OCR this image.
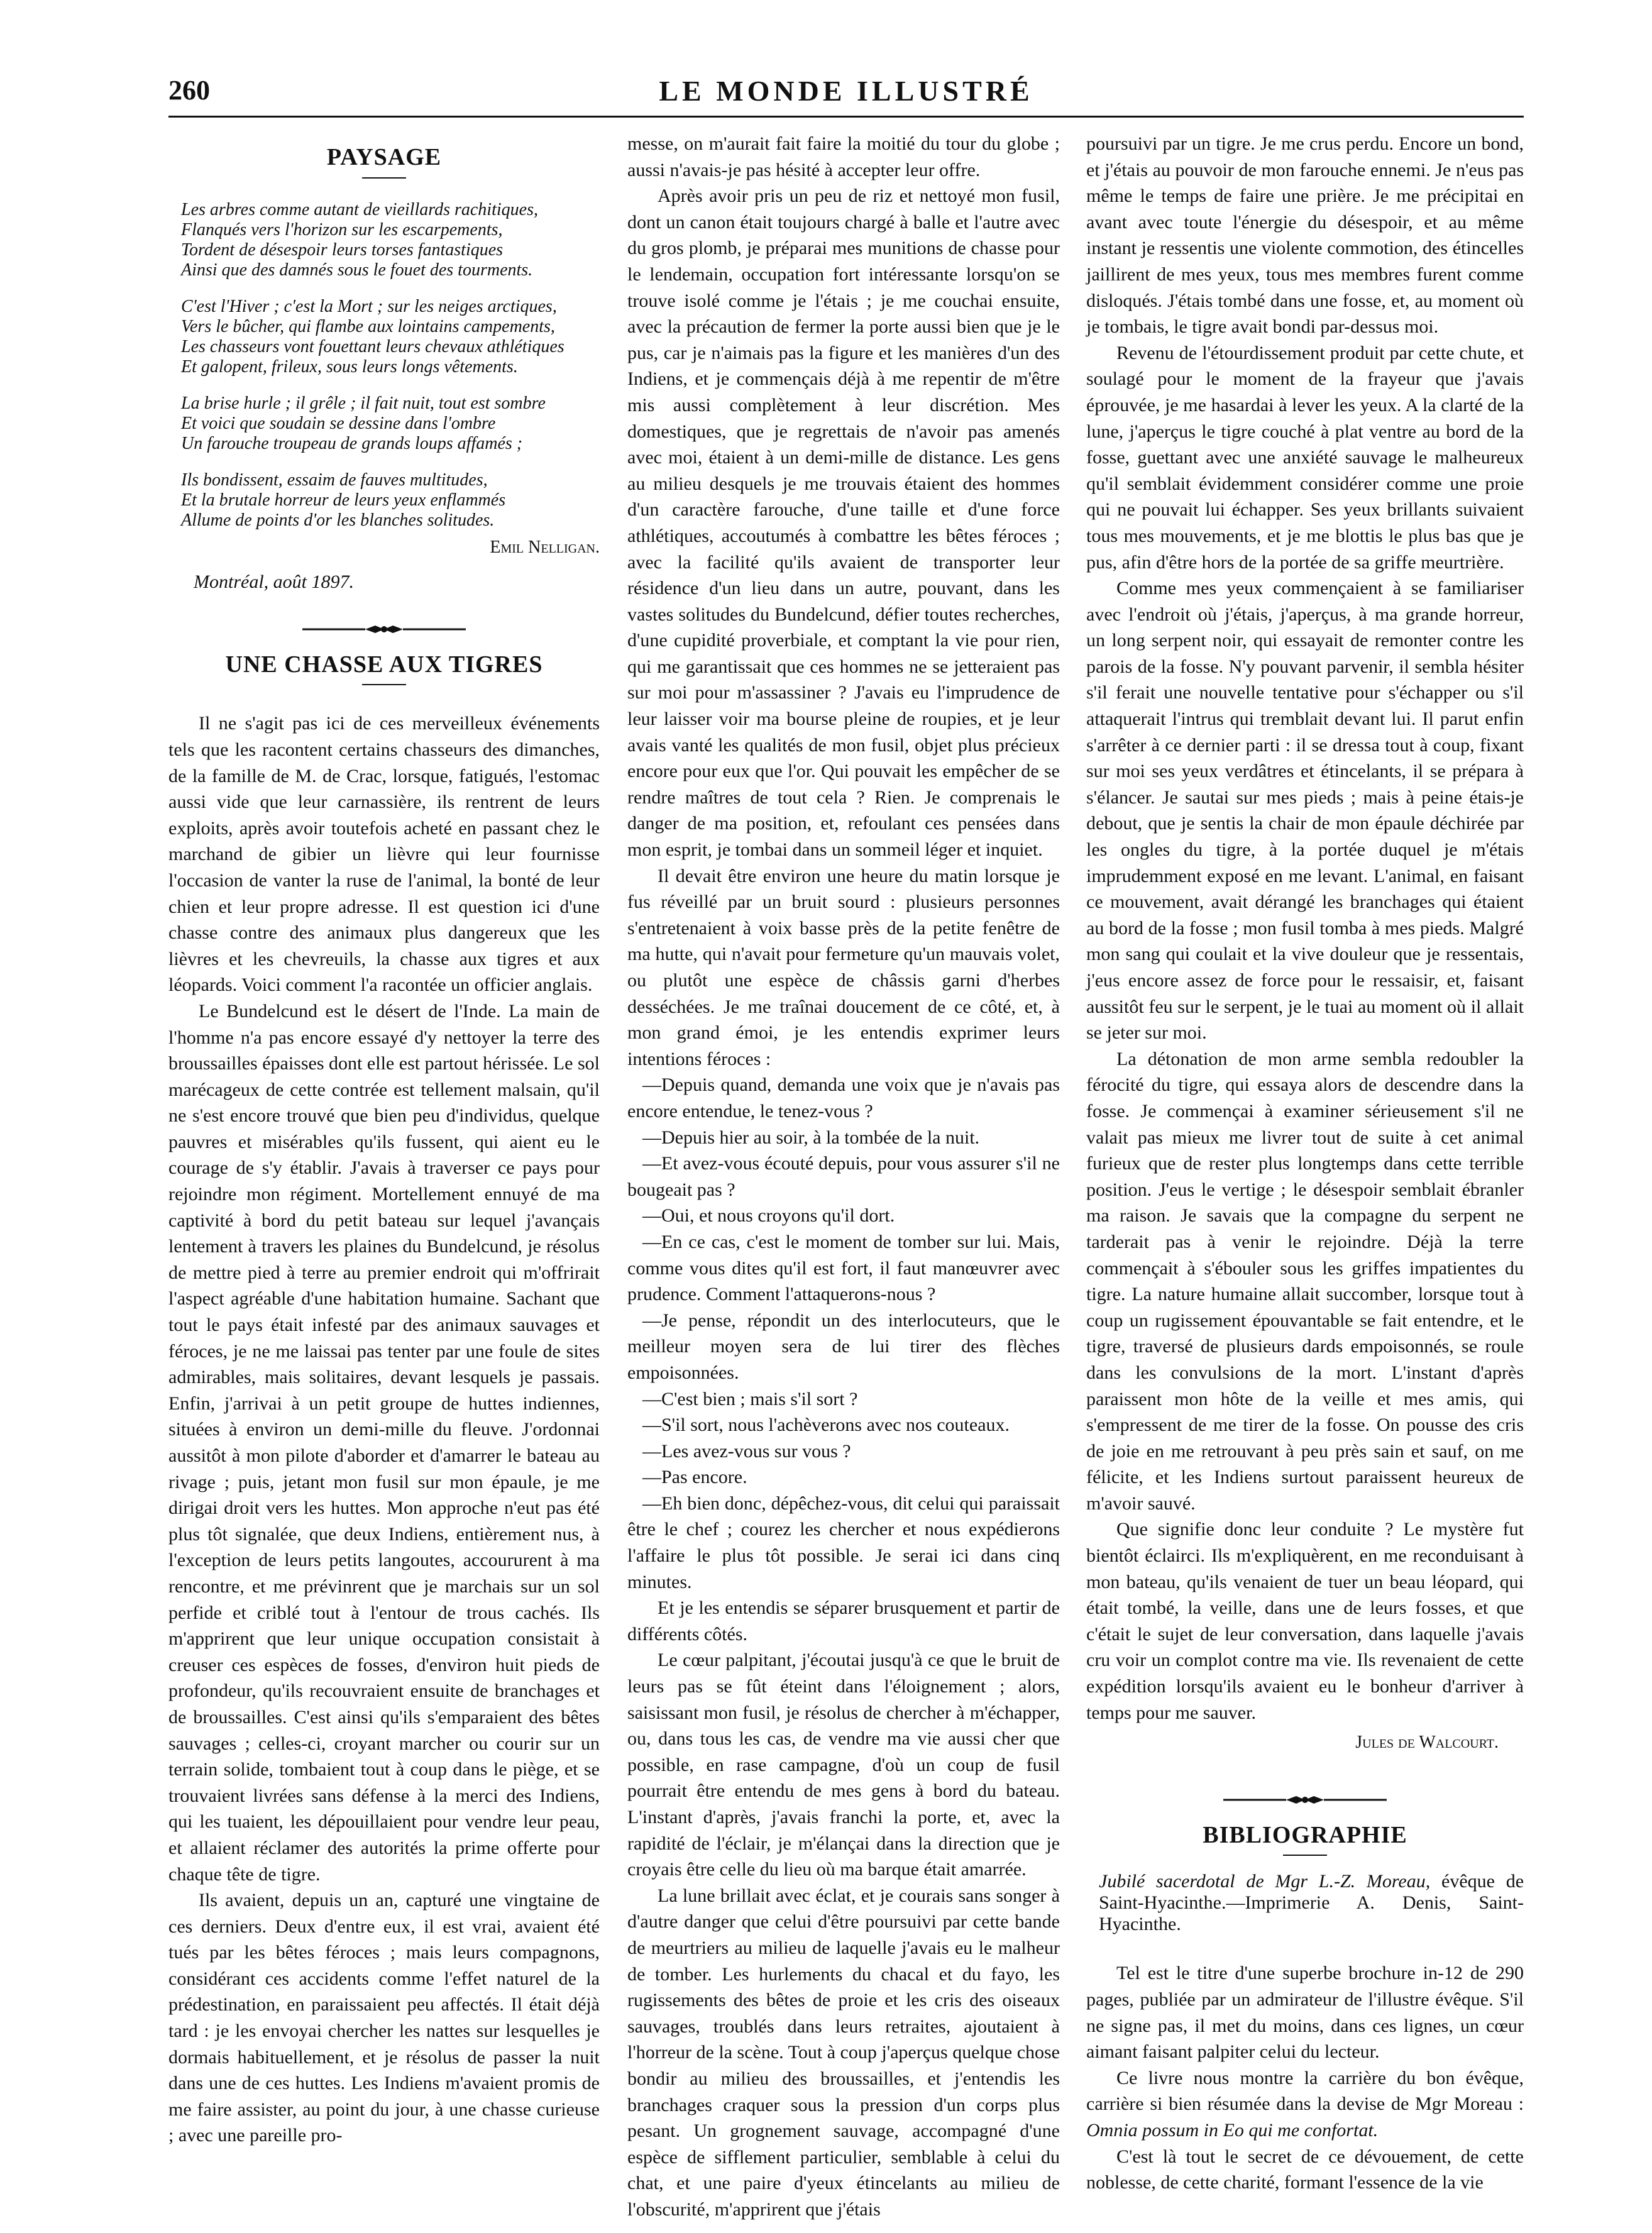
260	LE MONDE ILLUSTRÉ
PAYSAGE
Les arbres comme autant de vieillards rachitiques,
Flanqués vers l'horizon sur les escarpements,
Tordent de désespoir leurs torses fantastiques
Ainsi que des damnés sous le fouet des tourments.
C'est l'Hiver ; c'est la Mort ; sur les neiges arctiques,
Vers le bûcher, qui flambe aux lointains campements,
Les chasseurs vont fouettant leurs chevaux athlétiques
Et galopent, frileux, sous leurs longs vêtements.
La brise hurle ; il grêle ; il fait nuit, tout est sombre
Et voici que soudain se dessine dans l'ombre
Un farouche troupeau de grands loups affamés ;
Ils bondissent, essaim de fauves multitudes,
Et la brutale horreur de leurs yeux enflammés
Allume de points d'or les blanches solitudes.
Emil Nelligan.
Montréal, août 1897.
UNE CHASSE AUX TIGRES

Il ne s'agit pas ici de ces merveilleux événements tels que les racontent certains chasseurs des dimanches, de la famille de M. de Crac, lorsque, fatigués, l'estomac aussi vide que leur carnassière, ils rentrent de leurs exploits, après avoir toutefois acheté en passant chez le marchand de gibier un lièvre qui leur fournisse l'occasion de vanter la ruse de l'animal, la bonté de leur chien et leur propre adresse. Il est question ici d'une chasse contre des animaux plus dangereux que les lièvres et les chevreuils, la chasse aux tigres et aux léopards. Voici comment l'a racontée un officier anglais.

Le Bundelcund est le désert de l'Inde. La main de l'homme n'a pas encore essayé d'y nettoyer la terre des broussailles épaisses dont elle est partout hérissée. Le sol marécageux de cette contrée est tellement malsain, qu'il ne s'est encore trouvé que bien peu d'individus, quelque pauvres et misérables qu'ils fussent, qui aient eu le courage de s'y établir. J'avais à traverser ce pays pour rejoindre mon régiment. Mortellement ennuyé de ma captivité à bord du petit bateau sur lequel j'avançais lentement à travers les plaines du Bundelcund, je résolus de mettre pied à terre au premier endroit qui m'offrirait l'aspect agréable d'une habitation humaine. Sachant que tout le pays était infesté par des animaux sauvages et féroces, je ne me laissai pas tenter par une foule de sites admirables, mais solitaires, devant lesquels je passais. Enfin, j'arrivai à un petit groupe de huttes indiennes, situées à environ un demi-mille du fleuve. J'ordonnai aussitôt à mon pilote d'aborder et d'amarrer le bateau au rivage ; puis, jetant mon fusil sur mon épaule, je me dirigai droit vers les huttes. Mon approche n'eut pas été plus tôt signalée, que deux Indiens, entièrement nus, à l'exception de leurs petits langoutes, accoururent à ma rencontre, et me prévinrent que je marchais sur un sol perfide et criblé tout à l'entour de trous cachés. Ils m'apprirent que leur unique occupation consistait à creuser ces espèces de fosses, d'environ huit pieds de profondeur, qu'ils recouvraient ensuite de branchages et de broussailles. C'est ainsi qu'ils s'emparaient des bêtes sauvages ; celles-ci, croyant marcher ou courir sur un terrain solide, tombaient tout à coup dans le piège, et se trouvaient livrées sans défense à la merci des Indiens, qui les tuaient, les dépouillaient pour vendre leur peau, et allaient réclamer des autorités la prime offerte pour chaque tête de tigre.

Ils avaient, depuis un an, capturé une vingtaine de ces derniers. Deux d'entre eux, il est vrai, avaient été tués par les bêtes féroces ; mais leurs compagnons, considérant ces accidents comme l'effet naturel de la prédestination, en paraissaient peu affectés. Il était déjà tard : je les envoyai chercher les nattes sur lesquelles je dormais habituellement, et je résolus de passer la nuit dans une de ces huttes. Les Indiens m'avaient promis de me faire assister, au point du jour, à une chasse curieuse ; avec une pareille pro-

messe, on m'aurait fait faire la moitié du tour du globe ; aussi n'avais-je pas hésité à accepter leur offre.

Après avoir pris un peu de riz et nettoyé mon fusil, dont un canon était toujours chargé à balle et l'autre avec du gros plomb, je préparai mes munitions de chasse pour le lendemain, occupation fort intéressante lorsqu'on se trouve isolé comme je l'étais ; je me couchai ensuite, avec la précaution de fermer la porte aussi bien que je le pus, car je n'aimais pas la figure et les manières d'un des Indiens, et je commençais déjà à me repentir de m'être mis aussi complètement à leur discrétion. Mes domestiques, que je regrettais de n'avoir pas amenés avec moi, étaient à un demi-mille de distance. Les gens au milieu desquels je me trouvais étaient des hommes d'un caractère farouche, d'une taille et d'une force athlétiques, accoutumés à combattre les bêtes féroces ; avec la facilité qu'ils avaient de transporter leur résidence d'un lieu dans un autre, pouvant, dans les vastes solitudes du Bundelcund, défier toutes recherches, d'une cupidité proverbiale, et comptant la vie pour rien, qui me garantissait que ces hommes ne se jetteraient pas sur moi pour m'assassiner ? J'avais eu l'imprudence de leur laisser voir ma bourse pleine de roupies, et je leur avais vanté les qualités de mon fusil, objet plus précieux encore pour eux que l'or. Qui pouvait les empêcher de se rendre maîtres de tout cela ? Rien. Je comprenais le danger de ma position, et, refoulant ces pensées dans mon esprit, je tombai dans un sommeil léger et inquiet.

Il devait être environ une heure du matin lorsque je fus réveillé par un bruit sourd : plusieurs personnes s'entretenaient à voix basse près de la petite fenêtre de ma hutte, qui n'avait pour fermeture qu'un mauvais volet, ou plutôt une espèce de châssis garni d'herbes desséchées. Je me traînai doucement de ce côté, et, à mon grand émoi, je les entendis exprimer leurs intentions féroces :

—Depuis quand, demanda une voix que je n'avais pas encore entendue, le tenez-vous ?

—Depuis hier au soir, à la tombée de la nuit.

—Et avez-vous écouté depuis, pour vous assurer s'il ne bougeait pas ?

—Oui, et nous croyons qu'il dort.

—En ce cas, c'est le moment de tomber sur lui. Mais, comme vous dites qu'il est fort, il faut manœuvrer avec prudence. Comment l'attaquerons-nous ?

—Je pense, répondit un des interlocuteurs, que le meilleur moyen sera de lui tirer des flèches empoisonnées.

—C'est bien ; mais s'il sort ?

—S'il sort, nous l'achèverons avec nos couteaux.

—Les avez-vous sur vous ?

—Pas encore.

—Eh bien donc, dépêchez-vous, dit celui qui paraissait être le chef ; courez les chercher et nous expédierons l'affaire le plus tôt possible. Je serai ici dans cinq minutes.

Et je les entendis se séparer brusquement et partir de différents côtés.

Le cœur palpitant, j'écoutai jusqu'à ce que le bruit de leurs pas se fût éteint dans l'éloignement ; alors, saisissant mon fusil, je résolus de chercher à m'échapper, ou, dans tous les cas, de vendre ma vie aussi cher que possible, en rase campagne, d'où un coup de fusil pourrait être entendu de mes gens à bord du bateau. L'instant d'après, j'avais franchi la porte, et, avec la rapidité de l'éclair, je m'élançai dans la direction que je croyais être celle du lieu où ma barque était amarrée.

La lune brillait avec éclat, et je courais sans songer à d'autre danger que celui d'être poursuivi par cette bande de meurtriers au milieu de laquelle j'avais eu le malheur de tomber. Les hurlements du chacal et du fayo, les rugissements des bêtes de proie et les cris des oiseaux sauvages, troublés dans leurs retraites, ajoutaient à l'horreur de la scène. Tout à coup j'aperçus quelque chose bondir au milieu des broussailles, et j'entendis les branchages craquer sous la pression d'un corps plus pesant. Un grognement sauvage, accompagné d'une espèce de sifflement particulier, semblable à celui du chat, et une paire d'yeux étincelants au milieu de l'obscurité, m'apprirent que j'étais

poursuivi par un tigre. Je me crus perdu. Encore un bond, et j'étais au pouvoir de mon farouche ennemi. Je n'eus pas même le temps de faire une prière. Je me précipitai en avant avec toute l'énergie du désespoir, et au même instant je ressentis une violente commotion, des étincelles jaillirent de mes yeux, tous mes membres furent comme disloqués. J'étais tombé dans une fosse, et, au moment où je tombais, le tigre avait bondi par-dessus moi.

Revenu de l'étourdissement produit par cette chute, et soulagé pour le moment de la frayeur que j'avais éprouvée, je me hasardai à lever les yeux. A la clarté de la lune, j'aperçus le tigre couché à plat ventre au bord de la fosse, guettant avec une anxiété sauvage le malheureux qu'il semblait évidemment considérer comme une proie qui ne pouvait lui échapper. Ses yeux brillants suivaient tous mes mouvements, et je me blottis le plus bas que je pus, afin d'être hors de la portée de sa griffe meurtrière.

Comme mes yeux commençaient à se familiariser avec l'endroit où j'étais, j'aperçus, à ma grande horreur, un long serpent noir, qui essayait de remonter contre les parois de la fosse. N'y pouvant parvenir, il sembla hésiter s'il ferait une nouvelle tentative pour s'échapper ou s'il attaquerait l'intrus qui tremblait devant lui. Il parut enfin s'arrêter à ce dernier parti : il se dressa tout à coup, fixant sur moi ses yeux verdâtres et étincelants, il se prépara à s'élancer. Je sautai sur mes pieds ; mais à peine étais-je debout, que je sentis la chair de mon épaule déchirée par les ongles du tigre, à la portée duquel je m'étais imprudemment exposé en me levant. L'animal, en faisant ce mouvement, avait dérangé les branchages qui étaient au bord de la fosse ; mon fusil tomba à mes pieds. Malgré mon sang qui coulait et la vive douleur que je ressentais, j'eus encore assez de force pour le ressaisir, et, faisant aussitôt feu sur le serpent, je le tuai au moment où il allait se jeter sur moi.

La détonation de mon arme sembla redoubler la férocité du tigre, qui essaya alors de descendre dans la fosse. Je commençai à examiner sérieusement s'il ne valait pas mieux me livrer tout de suite à cet animal furieux que de rester plus longtemps dans cette terrible position. J'eus le vertige ; le désespoir semblait ébranler ma raison. Je savais que la compagne du serpent ne tarderait pas à venir le rejoindre. Déjà la terre commençait à s'ébouler sous les griffes impatientes du tigre. La nature humaine allait succomber, lorsque tout à coup un rugissement épouvantable se fait entendre, et le tigre, traversé de plusieurs dards empoisonnés, se roule dans les convulsions de la mort. L'instant d'après paraissent mon hôte de la veille et mes amis, qui s'empressent de me tirer de la fosse. On pousse des cris de joie en me retrouvant à peu près sain et sauf, on me félicite, et les Indiens surtout paraissent heureux de m'avoir sauvé.

Que signifie donc leur conduite ? Le mystère fut bientôt éclairci. Ils m'expliquèrent, en me reconduisant à mon bateau, qu'ils venaient de tuer un beau léopard, qui était tombé, la veille, dans une de leurs fosses, et que c'était le sujet de leur conversation, dans laquelle j'avais cru voir un complot contre ma vie. Ils revenaient de cette expédition lorsqu'ils avaient eu le bonheur d'arriver à temps pour me sauver.

Jules de Walcourt.
BIBLIOGRAPHIE
Jubilé sacerdotal de Mgr L.-Z. Moreau, évêque de Saint-Hyacinthe.—Imprimerie A. Denis, Saint-Hyacinthe.

Tel est le titre d'une superbe brochure in-12 de 290 pages, publiée par un admirateur de l'illustre évêque. S'il ne signe pas, il met du moins, dans ces lignes, un cœur aimant faisant palpiter celui du lecteur.

Ce livre nous montre la carrière du bon évêque, carrière si bien résumée dans la devise de Mgr Moreau : Omnia possum in Eo qui me confortat.

C'est là tout le secret de ce dévouement, de cette noblesse, de cette charité, formant l'essence de la vie
